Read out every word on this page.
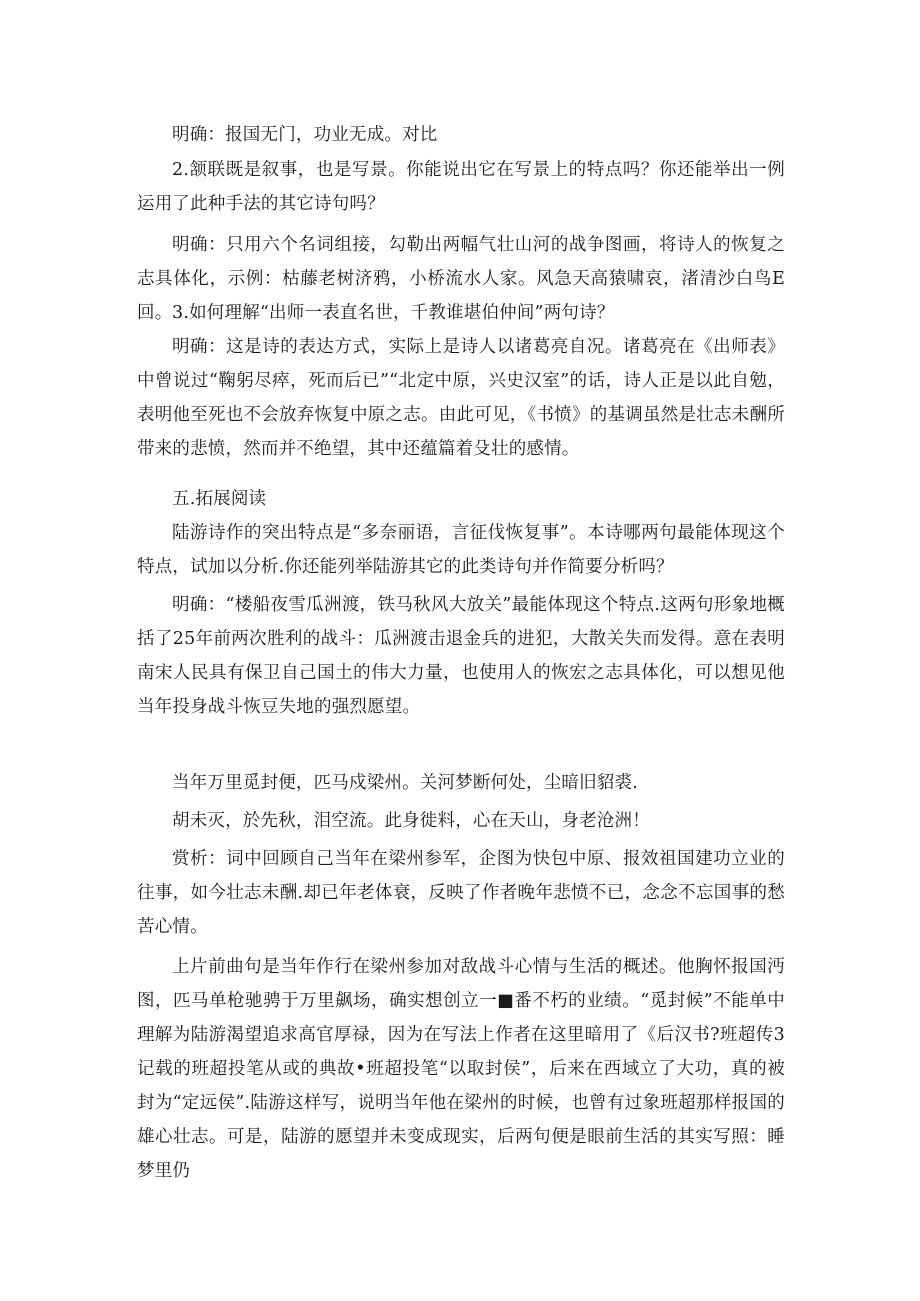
明确：报国无门，功业无成。对比

2.颔联既是叙事，也是写景。你能说出它在写景上的特点吗？你还能举出一例运用了此种手法的其它诗句吗？

明确：只用六个名词组接，勾勒出两幅气壮山河的战争图画，将诗人的恢复之志具体化，示例：枯藤老树济鸦，小桥流水人家。风急天高猿啸哀，渚清沙白鸟E回。 3.如何理解“出师一表直名世，千教谁堪伯仲间”两句诗？

明确：这是诗的表达方式，实际上是诗人以诸葛亮自况。诸葛亮在《出师表》中曾说过“鞠躬尽瘁，死而后已”“北定中原，兴史汉室”的话，诗人正是以此自勉，表明他至死也不会放弃恢复中原之志。由此可见，《书愤》的基调虽然是壮志未酬所带来的悲愤，然而并不绝望，其中还蕴篇着殳壮的感情。

五.拓展阅读

陆游诗作的突出特点是“多奈丽语，言征伐恢复事”。本诗哪两句最能体现这个特点，试加以分析.你还能列举陆游其它的此类诗句并作简要分析吗？

明确：“楼船夜雪瓜洲渡，铁马秋风大放关”最能体现这个特点.这两句形象地概括了25年前两次胜利的战斗：瓜洲渡击退金兵的进犯，大散关失而发得。意在表明南宋人民具有保卫自己国土的伟大力量，也使用人的恢宏之志具体化，可以想见他当年投身战斗恢豆失地的强烈愿望。

当年万里觅封便，匹马戍梁州。关河梦断何处，尘暗旧貂裘.

胡未灭，於先秋，泪空流。此身徙料，心在天山，身老沧洲！

赏析：词中回顾自己当年在梁州参军，企图为快包中原、报效祖国建功立业的往事，如今壮志未酬.却已年老体衰，反映了作者晚年悲愤不已，念念不忘国事的愁苦心情。

上片前曲句是当年作行在梁州参加对敌战斗心情与生活的概述。他胸怀报国沔图，匹马单枪驰骋于万里飙场，确实想创立一■番不朽的业绩。“觅封候”不能单中理解为陆游渴望追求高官厚禄，因为在写法上作者在这里暗用了《后汉书?班超传3记载的班超投笔从或的典故•班超投笔“以取封侯”，后来在西域立了大功，真的被封为“定远侯”.陆游这样写，说明当年他在梁州的时候，也曾有过象班超那样报国的雄心壮志。可是，陆游的愿望并未变成现实，后两句便是眼前生活的其实写照：睡梦里仍
